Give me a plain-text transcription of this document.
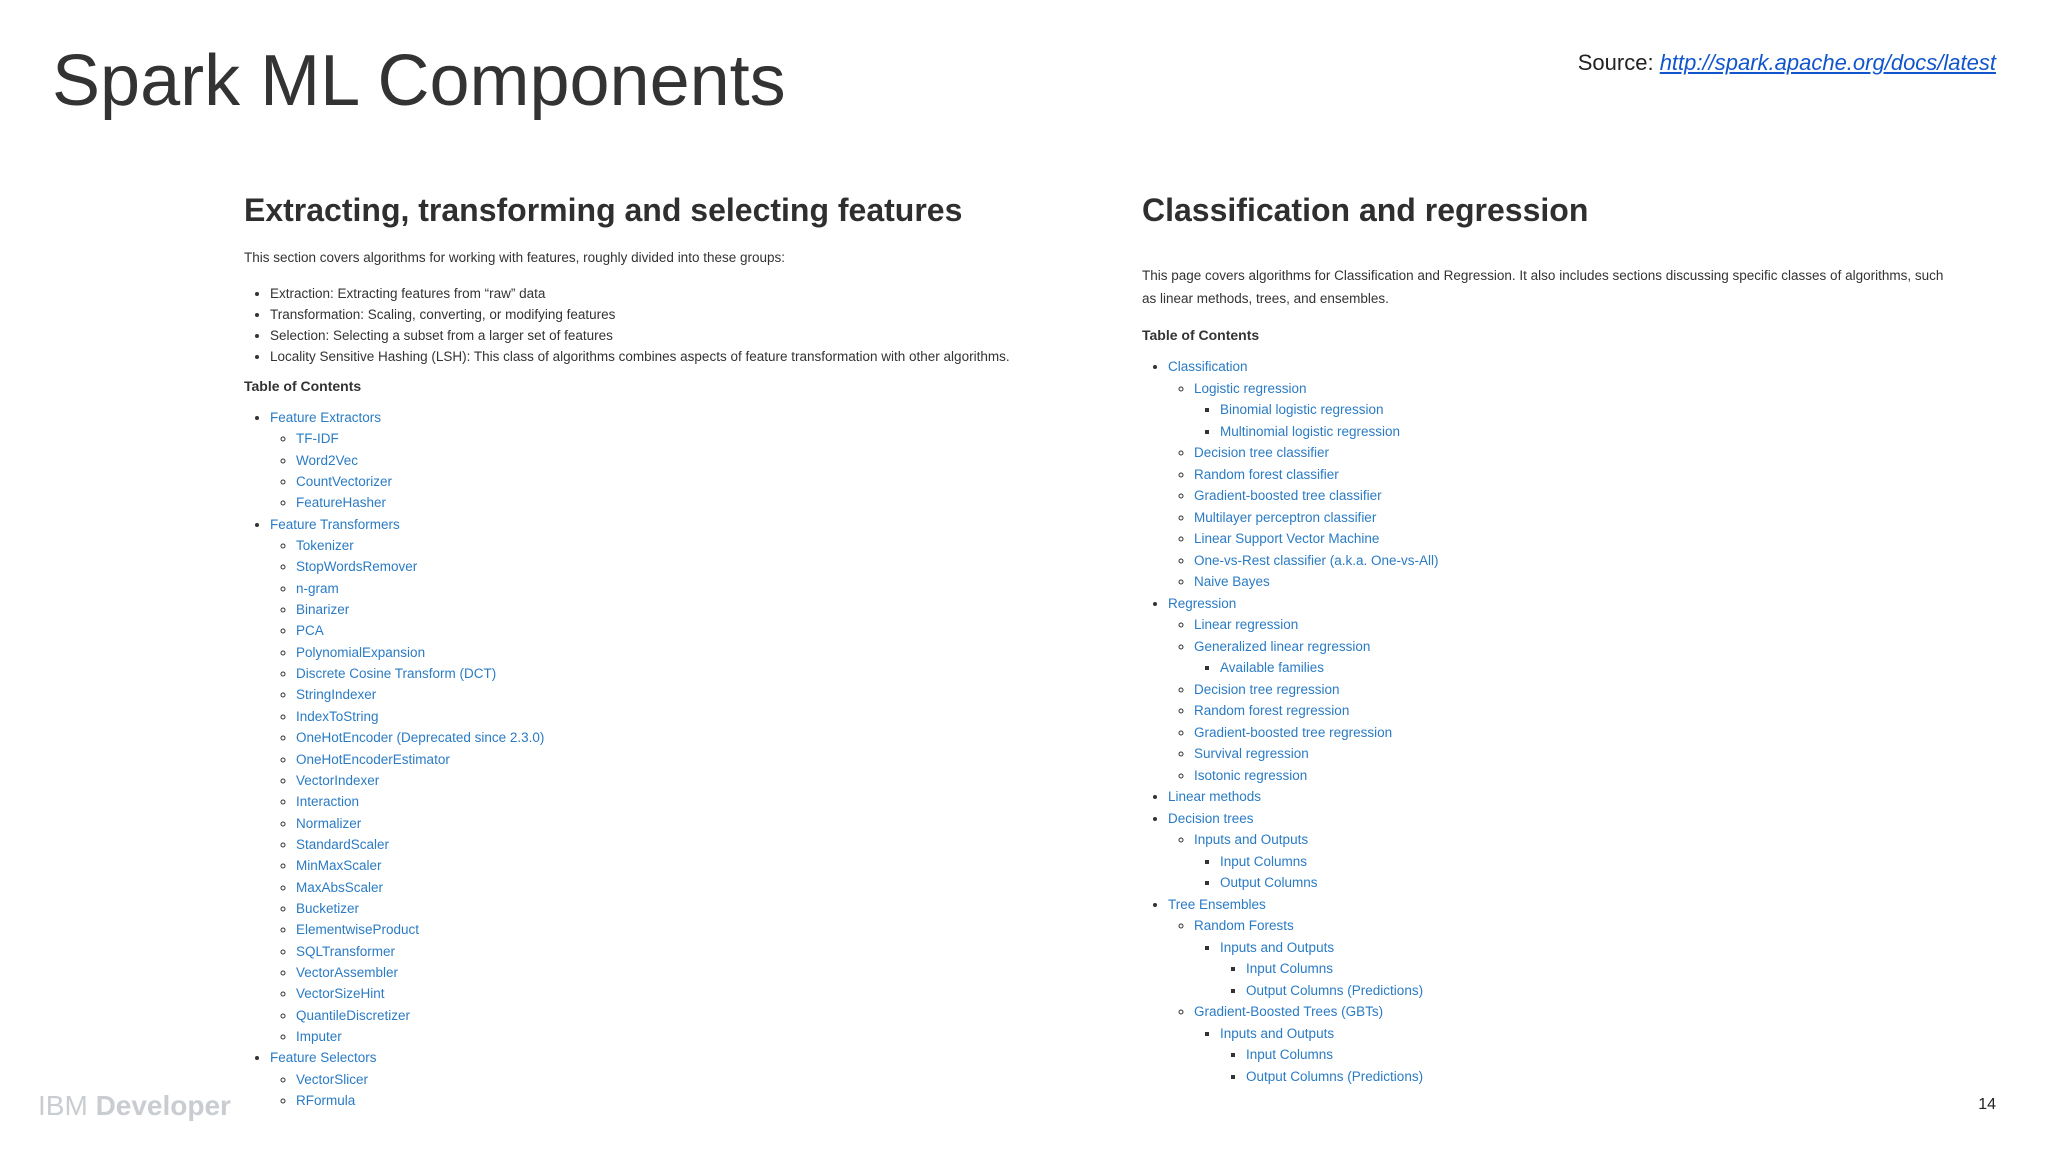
Spark ML Components	Source: http://spark.apache.org/docs/latest
Extracting, transforming and selecting features

This section covers algorithms for working with features, roughly divided into these groups:

• Extraction: Extracting features from “raw” data
• Transformation: Scaling, converting, or modifying features
• Selection: Selecting a subset from a larger set of features
• Locality Sensitive Hashing (LSH): This class of algorithms combines aspects of feature transformation with other algorithms.
Table of Contents
• Feature Extractors
◦ TF-IDF
◦ Word2Vec
◦ CountVectorizer
◦ FeatureHasher
• Feature Transformers
◦ Tokenizer
◦ StopWordsRemover
◦ n-gram
◦ Binarizer
◦ PCA
◦ PolynomialExpansion
◦ Discrete Cosine Transform (DCT)
◦ StringIndexer
◦ IndexToString
◦ OneHotEncoder (Deprecated since 2.3.0)
◦ OneHotEncoderEstimator
◦ VectorIndexer
◦ Interaction
◦ Normalizer
◦ StandardScaler
◦ MinMaxScaler
◦ MaxAbsScaler
◦ Bucketizer
◦ ElementwiseProduct
◦ SQLTransformer
◦ VectorAssembler
◦ VectorSizeHint
◦ QuantileDiscretizer
◦ Imputer
• Feature Selectors
◦ VectorSlicer
◦ RFormula
Classification and regression

This page covers algorithms for Classification and Regression. It also includes sections discussing specific classes of algorithms, such as linear methods, trees, and ensembles.

Table of Contents
• Classification
◦ Logistic regression
▪ Binomial logistic regression
▪ Multinomial logistic regression
◦ Decision tree classifier
◦ Random forest classifier
◦ Gradient-boosted tree classifier
◦ Multilayer perceptron classifier
◦ Linear Support Vector Machine
◦ One-vs-Rest classifier (a.k.a. One-vs-All)
◦ Naive Bayes
• Regression
◦ Linear regression
◦ Generalized linear regression
▪ Available families
◦ Decision tree regression
◦ Random forest regression
◦ Gradient-boosted tree regression
◦ Survival regression
◦ Isotonic regression
• Linear methods
• Decision trees
◦ Inputs and Outputs
▪ Input Columns
▪ Output Columns
• Tree Ensembles
◦ Random Forests
▪ Inputs and Outputs
▪ Input Columns
▪ Output Columns (Predictions)
◦ Gradient-Boosted Trees (GBTs)
▪ Inputs and Outputs
▪ Input Columns
▪ Output Columns (Predictions)
IBM Developer	14
